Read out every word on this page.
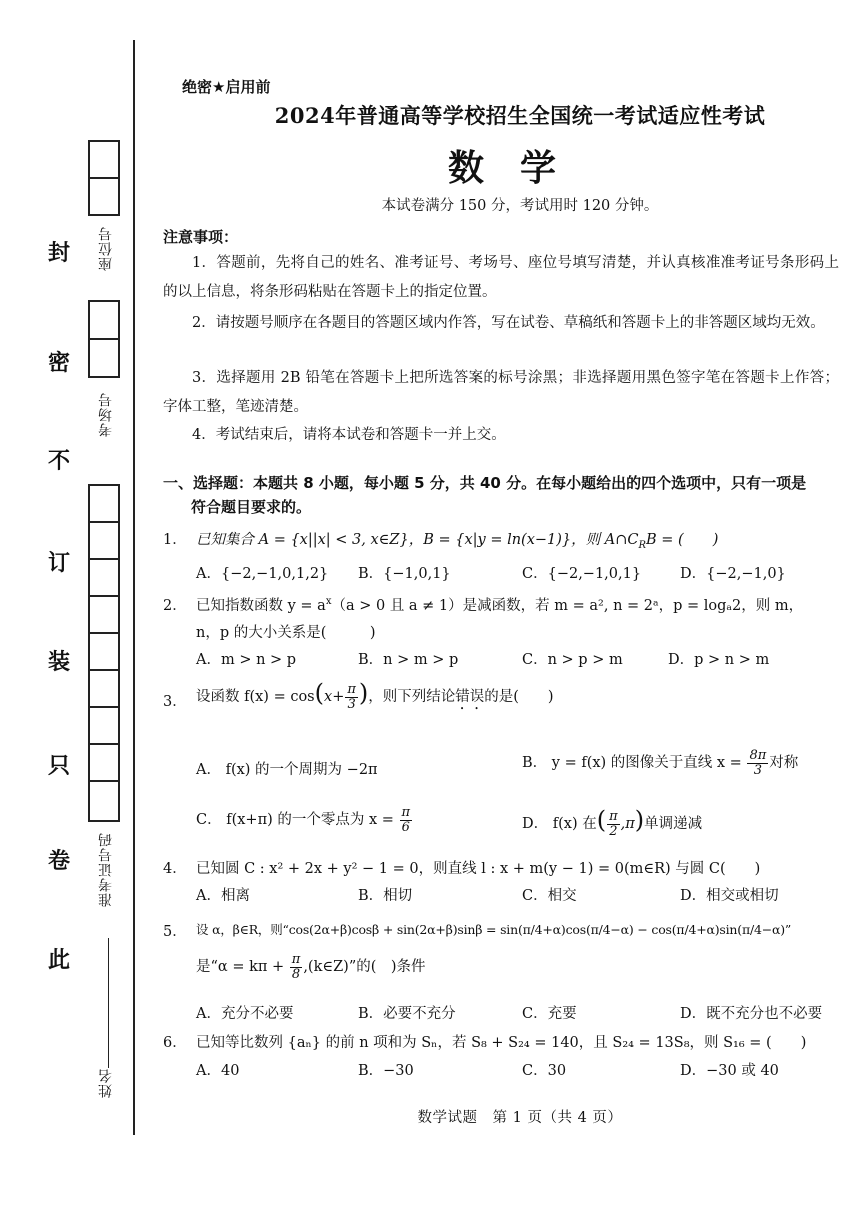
封
密
不
订
装
只
卷
此
座位号
考场号
准考证号码
姓名
绝密★启用前
2024年普通高等学校招生全国统一考试适应性考试
数学
本试卷满分 150 分，考试用时 120 分钟。
注意事项：
1．答题前，先将自己的姓名、准考证号、考场号、座位号填写清楚，并认真核准准考证号条形码上的以上信息，将条形码粘贴在答题卡上的指定位置。
2．请按题号顺序在各题目的答题区域内作答，写在试卷、草稿纸和答题卡上的非答题区域均无效。
3．选择题用 2B 铅笔在答题卡上把所选答案的标号涂黑；非选择题用黑色签字笔在答题卡上作答；字体工整，笔迹清楚。
4．考试结束后，请将本试卷和答题卡一并上交。
一、选择题：本题共 8 小题，每小题 5 分，共 40 分。在每小题给出的四个选项中，只有一项是
符合题目要求的。
1． 已知集合 A = {x||x| < 3, x∈Z}，B = {x|y = ln(x−1)}，则 $A\cap C_RB$ = (　　)
A．{−2,−1,0,1,2} B．{−1,0,1}	C．{−2,−1,0,1}	D．{−2,−1,0}
2． 已知指数函数 $y = a^x(a > 0$ 且 a ≠ 1）是减函数，若 m = a², n = 2ᵃ，p = logₐ2，则 m，
n，p 的大小关系是(　　　)
A．m > n > p	B．n > m > p	C．n > p > m	D．p > n > m
3． 设函数 $f(x) = \cos(x+ \frac{\pi}{3}$ )，则下列结论错误的是(　　)
A． f(x) 的一个周期为 −2π	B． y = f(x) 的图像关于直线 $x = \frac{8\pi}{3}$ 对称
C． f(x+π) 的一个零点为 $x = \frac{\pi}{6}$	D． f(x) 在( $\frac{\pi}{2} ,\pi$)单调递减
4． 已知圆 C : x² + 2x + y² − 1 = 0，则直线 l : x + m(y − 1) = 0(m∈R) 与圆 C(　　)
A．相离	B．相切	C．相交	D．相交或相切
5． 设 α，β∈R，则“cos(2α+β)cosβ + sin(2α+β)sinβ = sin(π/4+α)cos(π/4−α) − cos(π/4+α)sin(π/4−α)”
是“$\alpha = k\pi + \frac{\pi}{8}$ ,(k∈Z)”的(　)条件
A．充分不必要	B．必要不充分	C．充要	D．既不充分也不必要
6． 已知等比数列 {aₙ} 的前 n 项和为 Sₙ，若 S₈ + S₂₄ = 140，且 S₂₄ = 13S₈，则 S₁₆ = (　　)
A．40	B．−30	C．30	D．−30 或 40
数学试题　第 1 页（共 4 页）
